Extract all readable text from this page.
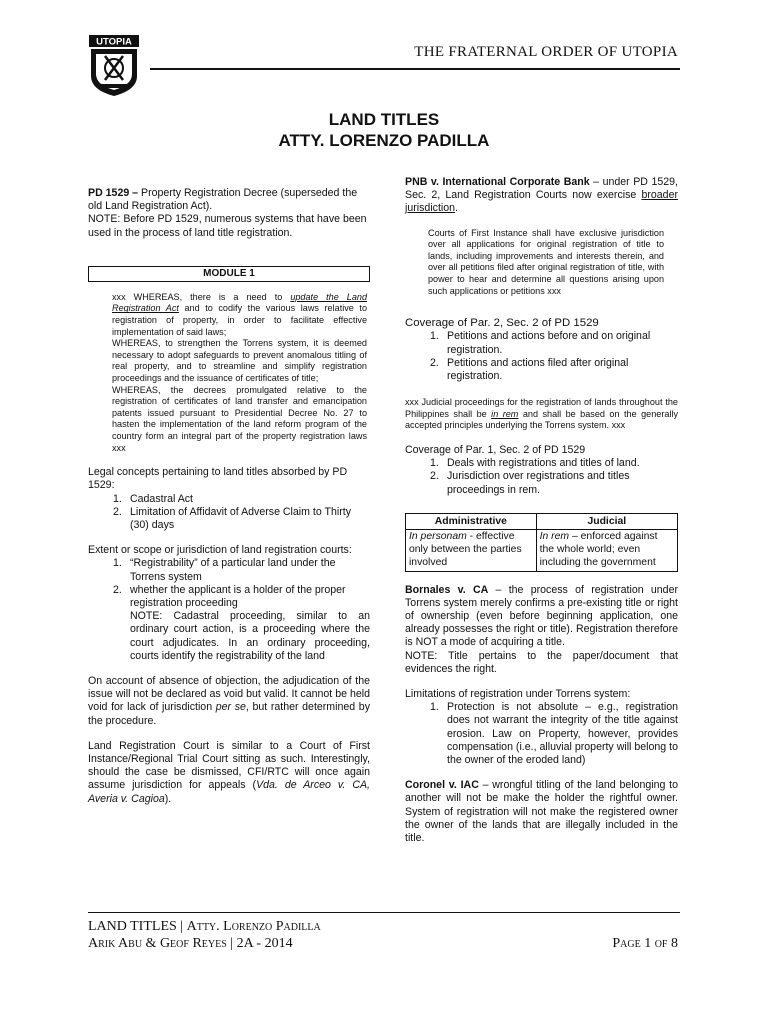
UTOPIA
THE FRATERNAL ORDER OF UTOPIA
LAND TITLES
ATTY. LORENZO PADILLA

PD 1529 – Property Registration Decree (superseded the old Land Registration Act).

NOTE: Before PD 1529, numerous systems that have been used in the process of land title registration.

MODULE 1

xxx WHEREAS, there is a need to update the Land Registration Act and to codify the various laws relative to registration of property, in order to facilitate effective implementation of said laws;

WHEREAS, to strengthen the Torrens system, it is deemed necessary to adopt safeguards to prevent anomalous titling of real property, and to streamline and simplify registration proceedings and the issuance of certificates of title;

WHEREAS, the decrees promulgated relative to the registration of certificates of land transfer and emancipation patents issued pursuant to Presidential Decree No. 27 to hasten the implementation of the land reform program of the country form an integral part of the property registration laws xxx

Legal concepts pertaining to land titles absorbed by PD 1529:

1. Cadastral Act
2. Limitation of Affidavit of Adverse Claim to Thirty (30) days

Extent or scope or jurisdiction of land registration courts:

1. “Registrability” of a particular land under the Torrens system
2. whether the applicant is a holder of the proper registration proceeding

NOTE: Cadastral proceeding, similar to an ordinary court action, is a proceeding where the court adjudicates. In an ordinary proceeding, courts identify the registrability of the land

On account of absence of objection, the adjudication of the issue will not be declared as void but valid. It cannot be held void for lack of jurisdiction per se, but rather determined by the procedure.

Land Registration Court is similar to a Court of First Instance/Regional Trial Court sitting as such. Interestingly, should the case be dismissed, CFI/RTC will once again assume jurisdiction for appeals (Vda. de Arceo v. CA, Averia v. Cagioa).

PNB v. International Corporate Bank – under PD 1529, Sec. 2, Land Registration Courts now exercise broader jurisdiction.

Courts of First Instance shall have exclusive jurisdiction over all applications for original registration of title to lands, including improvements and interests therein, and over all petitions filed after original registration of title, with power to hear and determine all questions arising upon such applications or petitions xxx

Coverage of Par. 2, Sec. 2 of PD 1529

1. Petitions and actions before and on original registration.
2. Petitions and actions filed after original registration.

xxx Judicial proceedings for the registration of lands throughout the Philippines shall be in rem and shall be based on the generally accepted principles underlying the Torrens system. xxx

Coverage of Par. 1, Sec. 2 of PD 1529

1. Deals with registrations and titles of land.
2. Jurisdiction over registrations and titles proceedings in rem.
Administrative	Judicial
In personam - effective only between the parties involved	In rem – enforced against the whole world; even including the government

Bornales v. CA – the process of registration under Torrens system merely confirms a pre-existing title or right of ownership (even before beginning application, one already possesses the right or title). Registration therefore is NOT a mode of acquiring a title.

NOTE: Title pertains to the paper/document that evidences the right.

Limitations of registration under Torrens system:

1. Protection is not absolute – e.g., registration does not warrant the integrity of the title against erosion. Law on Property, however, provides compensation (i.e., alluvial property will belong to the owner of the eroded land)

Coronel v. IAC – wrongful titling of the land belonging to another will not be make the holder the rightful owner. System of registration will not make the registered owner the owner of the lands that are illegally included in the title.

LAND TITLES | Atty. Lorenzo Padilla
Arik Abu & Geof Reyes | 2A - 2014	Page 1 of 8
